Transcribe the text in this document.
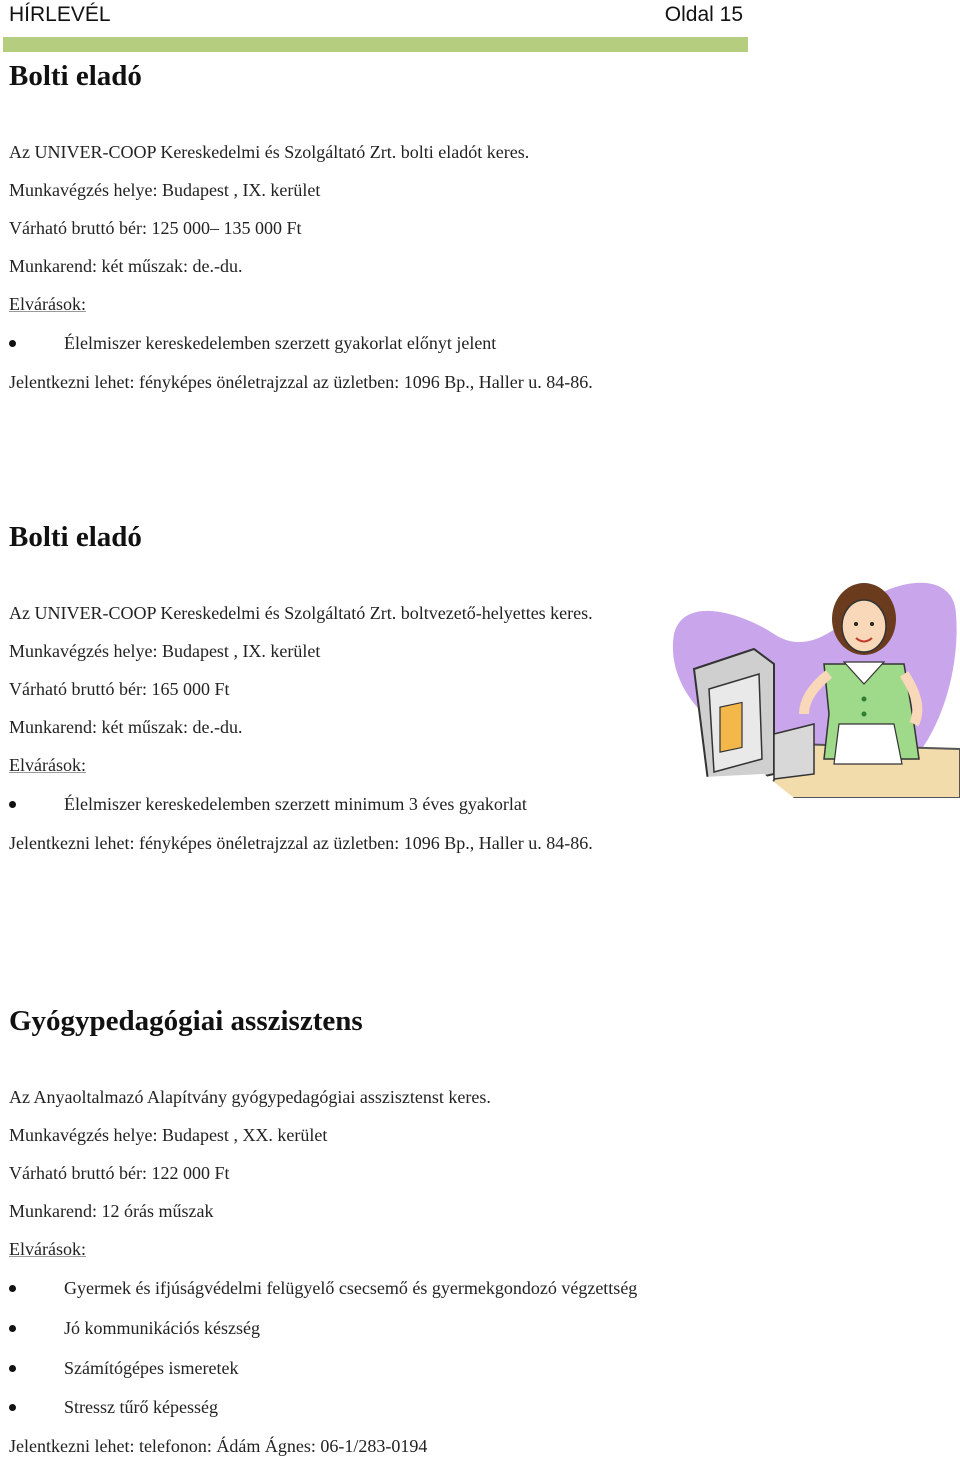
HÍRLEVÉL	Oldal 15
Bolti eladó
Az UNIVER-COOP Kereskedelmi és Szolgáltató Zrt. bolti eladót keres.
Munkavégzés helye: Budapest , IX. kerület
Várható bruttó bér: 125 000– 135 000 Ft
Munkarend: két műszak: de.-du.
Elvárások:
Élelmiszer kereskedelemben szerzett gyakorlat előnyt jelent
Jelentkezni lehet: fényképes önéletrajzzal az üzletben: 1096 Bp., Haller u. 84-86.
Bolti eladó
Az UNIVER-COOP Kereskedelmi és Szolgáltató Zrt. boltvezető-helyettes keres.
Munkavégzés helye: Budapest , IX. kerület
Várható bruttó bér: 165 000 Ft
Munkarend: két műszak: de.-du.
Elvárások:
Élelmiszer kereskedelemben szerzett minimum 3 éves gyakorlat
Jelentkezni lehet: fényképes önéletrajzzal az üzletben: 1096 Bp., Haller u. 84-86.
Gyógypedagógiai asszisztens
Az Anyaoltalmazó Alapítvány gyógypedagógiai asszisztenst keres.
Munkavégzés helye: Budapest , XX. kerület
Várható bruttó bér: 122 000 Ft
Munkarend: 12 órás műszak
Elvárások:
Gyermek és ifjúságvédelmi felügyelő csecsemő és gyermekgondozó végzettség
Jó kommunikációs készség
Számítógépes ismeretek
Stressz tűrő képesség
Jelentkezni lehet: telefonon: Ádám Ágnes: 06-1/283-0194
